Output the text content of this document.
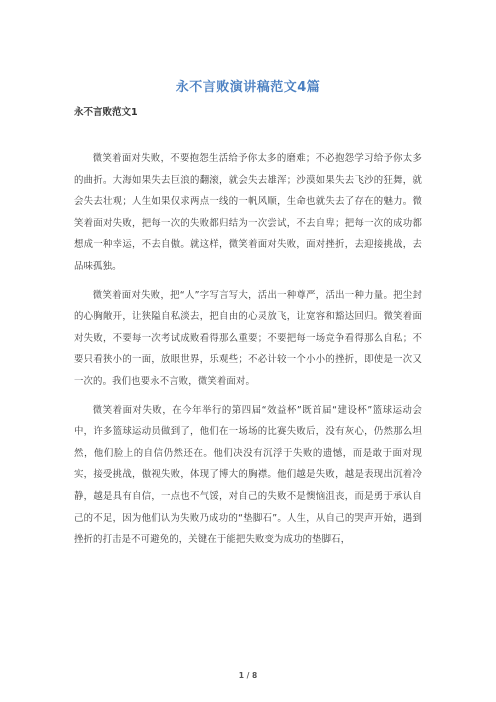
永不言败演讲稿范文4篇
永不言败范文1

微笑着面对失败，不要抱怨生活给予你太多的磨难；不必抱怨学习给予你太多的曲折。大海如果失去巨浪的翻滚，就会失去雄浑；沙漠如果失去飞沙的狂舞，就会失去壮观；人生如果仅求两点一线的一帆风顺，生命也就失去了存在的魅力。微笑着面对失败，把每一次的失败都归结为一次尝试，不去自卑；把每一次的成功都想成一种幸运，不去自傲。就这样，微笑着面对失败，面对挫折，去迎接挑战，去品味孤独。

微笑着面对失败，把“人”字写言写大，活出一种尊严，活出一种力量。把尘封的心胸敞开，让狭隘自私淡去，把自由的心灵放飞，让宽容和豁达回归。微笑着面对失败，不要每一次考试成败看得那么重要；不要把每一场竞争看得那么自私；不要只看狭小的一面，放眼世界，乐观些；不必计较一个小小的挫折，即使是一次又一次的。我们也要永不言败，微笑着面对。

微笑着面对失败，在今年举行的第四届“效益杯”既首届“建设杯”篮球运动会中，许多篮球运动员做到了，他们在一场场的比赛失败后，没有灰心，仍然那么坦然，他们脸上的自信仍然还在。他们决没有沉浮于失败的遗憾，而是敢于面对现实，接受挑战，傲视失败，体现了博大的胸襟。他们越是失败，越是表现出沉着冷静，越是具有自信，一点也不气馁，对自己的失败不是懊恼沮丧，而是勇于承认自己的不足，因为他们认为失败乃成功的“垫脚石”。人生，从自己的哭声开始，遇到挫折的打击是不可避免的，关键在于能把失败变为成功的垫脚石，

1 / 8
